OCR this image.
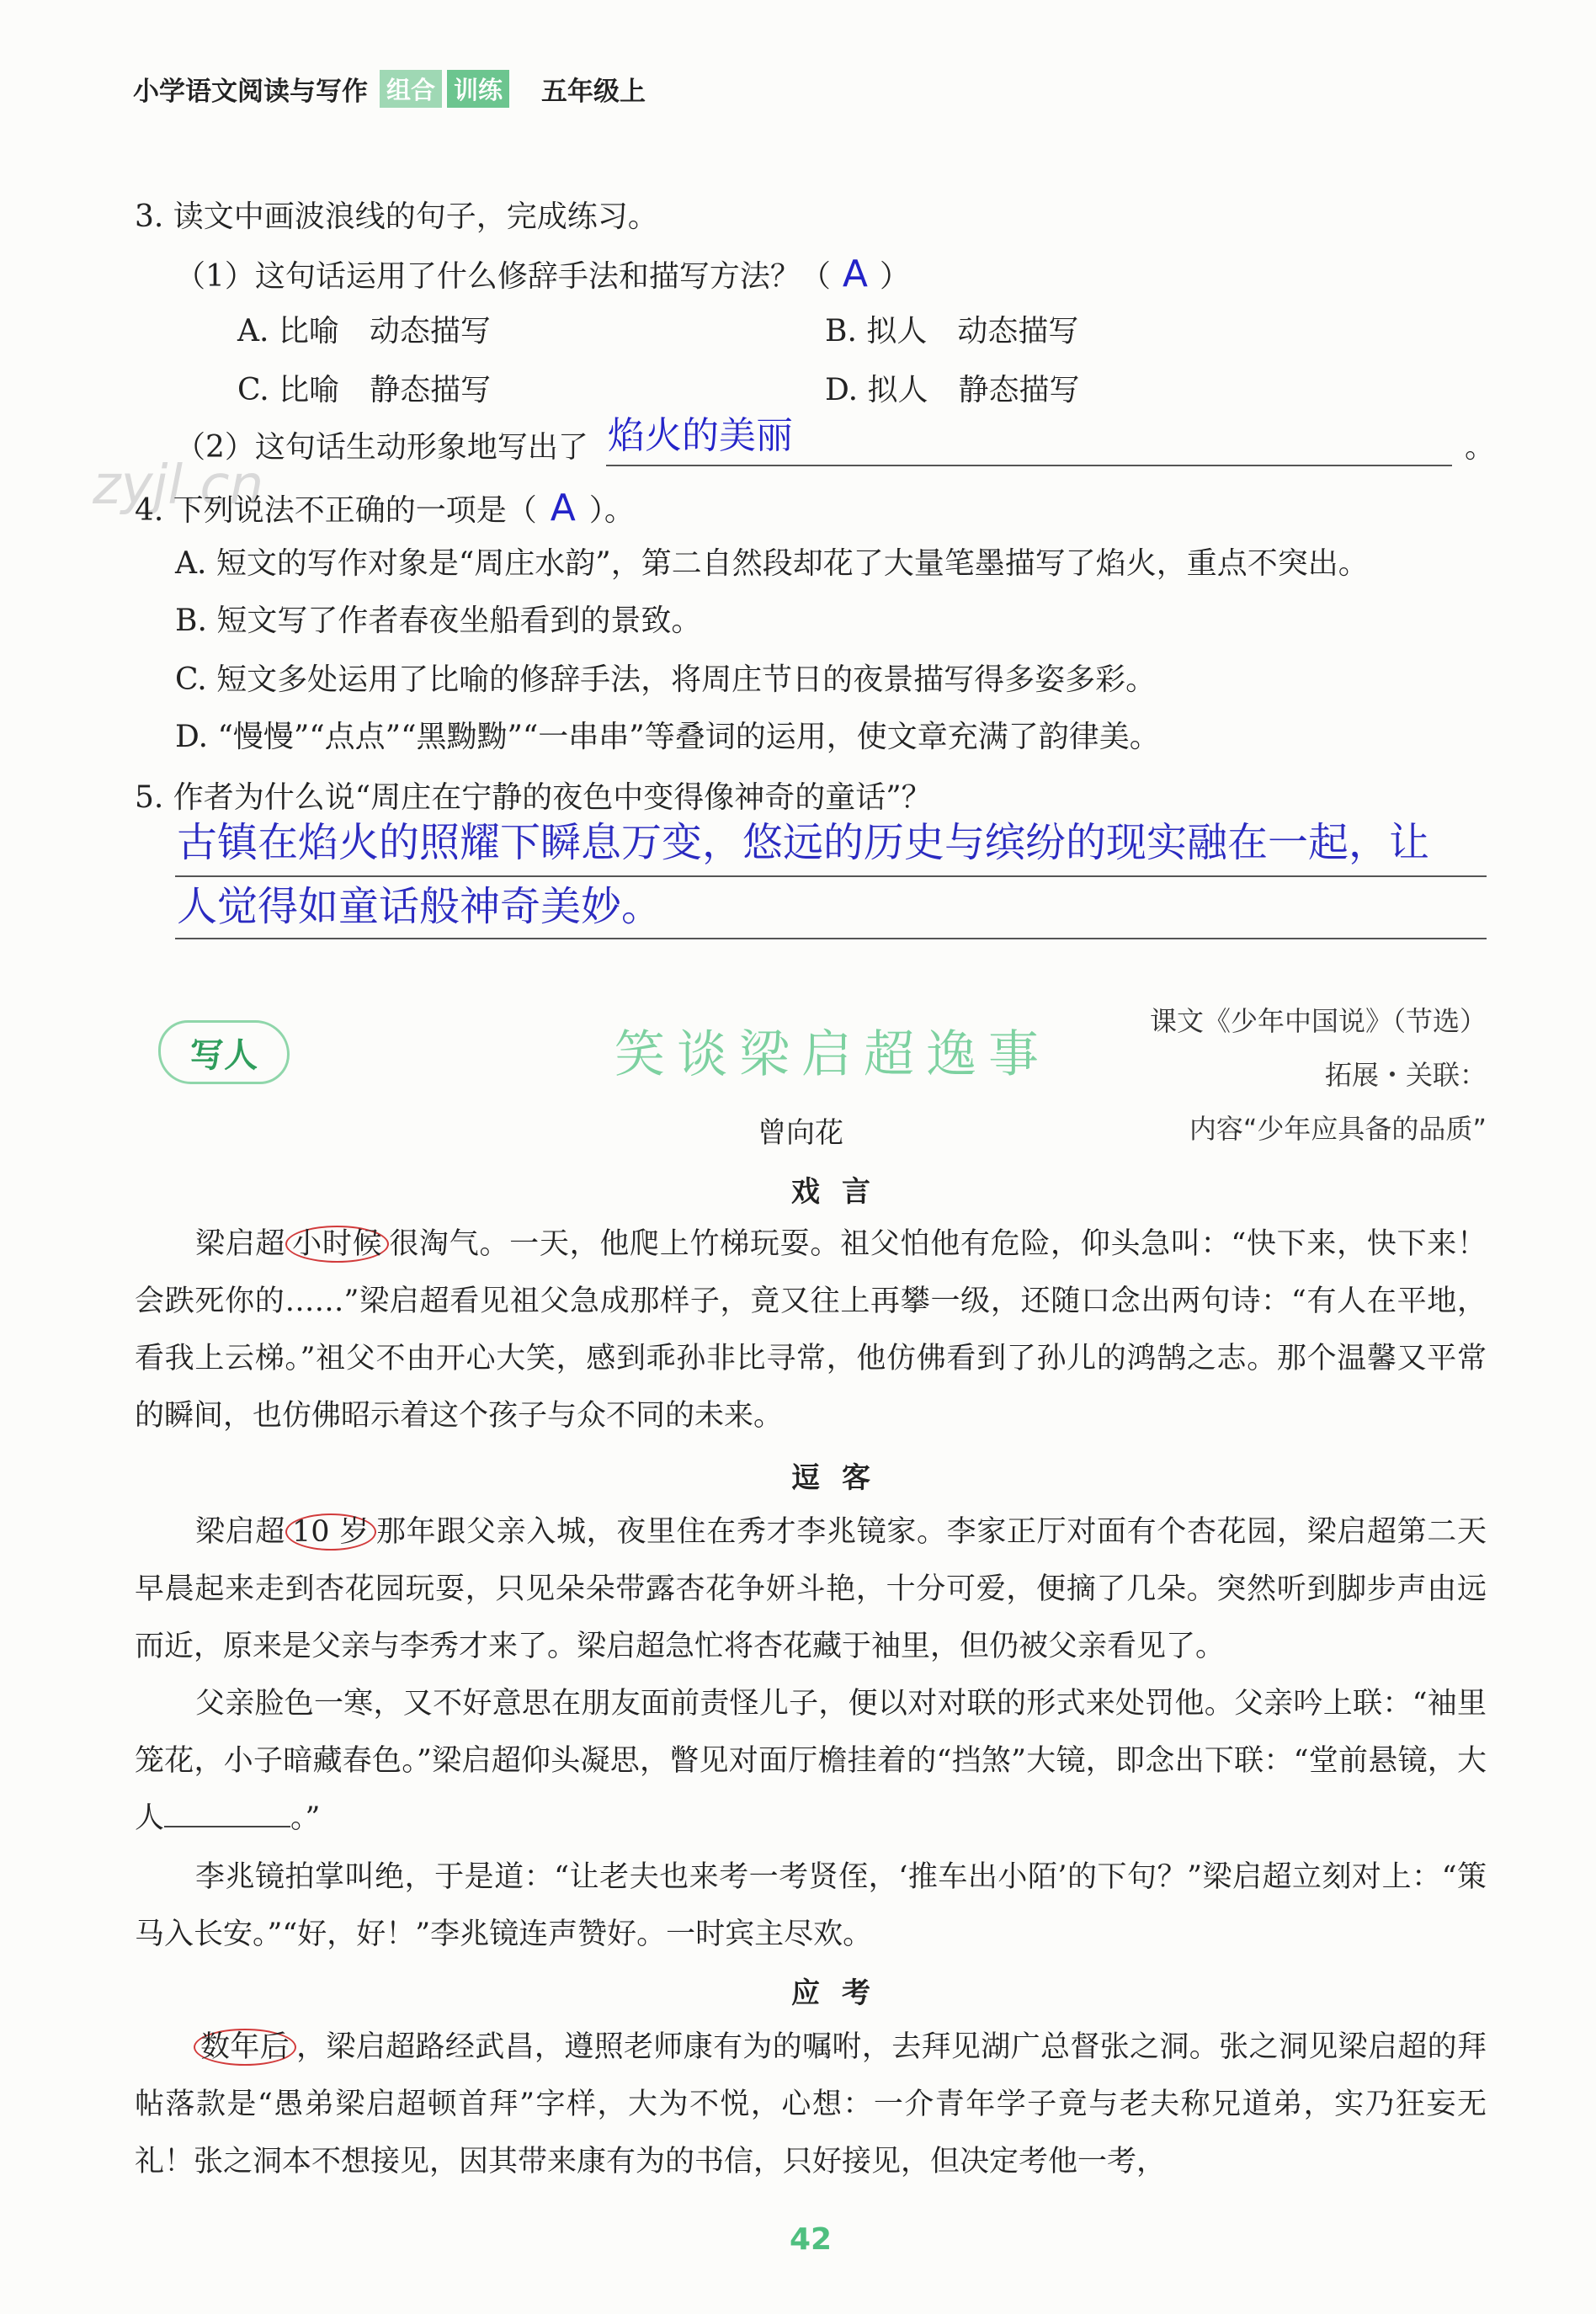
小学语文阅读与写作 组合 训练 五年级上
zyjl.cn
3. 读文中画波浪线的句子，完成练习。
（1）这句话运用了什么修辞手法和描写方法？（ A ）
A. 比喻　动态描写	B. 拟人　动态描写
C. 比喻　静态描写	D. 拟人　静态描写
（2）这句话生动形象地写出了 焰火的美丽	。
4. 下列说法不正确的一项是（ A ）。
A. 短文的写作对象是“周庄水韵”，第二自然段却花了大量笔墨描写了焰火，重点不突出。
B. 短文写了作者春夜坐船看到的景致。
C. 短文多处运用了比喻的修辞手法，将周庄节日的夜景描写得多姿多彩。
D. “慢慢”“点点”“黑黝黝”“一串串”等叠词的运用，使文章充满了韵律美。
5. 作者为什么说“周庄在宁静的夜色中变得像神奇的童话”？
古镇在焰火的照耀下瞬息万变，悠远的历史与缤纷的现实融在一起，让
人觉得如童话般神奇美妙。
写人	笑谈梁启超逸事
课文《少年中国说》（节选）
拓展・关联：
内容“少年应具备的品质”
曾向花
戏言
梁启超 小时候 很淘气。一天，他爬上竹梯玩耍。祖父怕他有危险，仰头急叫：“快下来，快下来！会跌死你的……”梁启超看见祖父急成那样子，竟又往上再攀一级，还随口念出两句诗：“有人在平地，看我上云梯。”祖父不由开心大笑，感到乖孙非比寻常，他仿佛看到了孙儿的鸿鹄之志。那个温馨又平常的瞬间，也仿佛昭示着这个孩子与众不同的未来。
逗客
梁启超 10 岁 那年跟父亲入城，夜里住在秀才李兆镜家。李家正厅对面有个杏花园，梁启超第二天早晨起来走到杏花园玩耍，只见朵朵带露杏花争妍斗艳，十分可爱，便摘了几朵。突然听到脚步声由远而近，原来是父亲与李秀才来了。梁启超急忙将杏花藏于袖里，但仍被父亲看见了。
父亲脸色一寒，又不好意思在朋友面前责怪儿子，便以对对联的形式来处罚他。父亲吟上联：“袖里笼花，小子暗藏春色。”梁启超仰头凝思，瞥见对面厅檐挂着的“挡煞”大镜，即念出下联：“堂前悬镜，大人	。”
李兆镜拍掌叫绝，于是道：“让老夫也来考一考贤侄，‘推车出小陌’的下句？”梁启超立刻对上：“策马入长安。”“好，好！”李兆镜连声赞好。一时宾主尽欢。
应考
数年后 ，梁启超路经武昌，遵照老师康有为的嘱咐，去拜见湖广总督张之洞。张之洞见梁启超的拜帖落款是“愚弟梁启超顿首拜”字样，大为不悦，心想：一介青年学子竟与老夫称兄道弟，实乃狂妄无礼！张之洞本不想接见，因其带来康有为的书信，只好接见，但决定考他一考，
42
